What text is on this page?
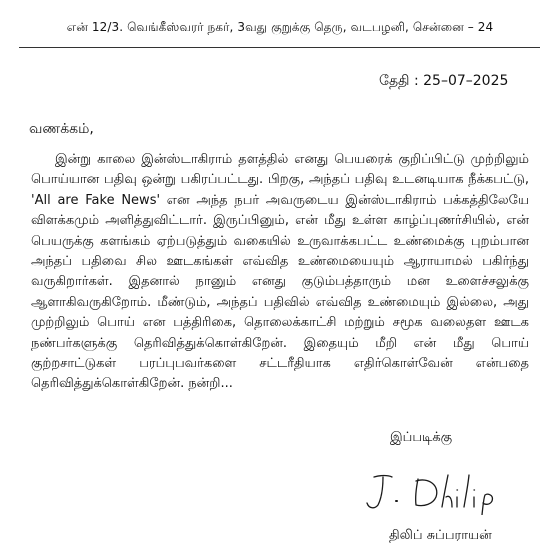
என் 12/3. வெங்கீஸ்வரர் நகர், 3வது குறுக்கு தெரு, வடபழனி, சென்னை – 24
தேதி : 25–07–2025
வணக்கம்,
இன்று காலை இன்ஸ்டாகிராம் தளத்தில் எனது பெயரைக் குறிப்பிட்டு முற்றிலும் பொய்யான பதிவு ஒன்று பகிரப்பட்டது. பிறகு, அந்தப் பதிவு உடனடியாக நீக்கபட்டு, 'All are Fake News' என அந்த நபர் அவருடைய இன்ஸ்டாகிராம் பக்கத்திலேயே விளக்கமும் அளித்துவிட்டார். இருப்பினும், என் மீது உள்ள காழ்ப்புணர்சியில், என் பெயருக்கு களங்கம் ஏற்படுத்தும் வகையில் உருவாக்கபட்ட உண்மைக்கு புறம்பான அந்தப் பதிவை சில ஊடகங்கள் எவ்வித உண்மையையும் ஆராயாமல் பகிர்ந்து வருகிறார்கள். இதனால் நானும் எனது குடும்பத்தாரும் மன உளைச்சலுக்கு ஆளாகிவருகிறோம். மீண்டும், அந்தப் பதிவில் எவ்வித உண்மையும் இல்லை, அது முற்றிலும் பொய் என பத்திரிகை, தொலைக்காட்சி மற்றும் சமூக வலைதள ஊடக நண்பர்களுக்கு தெரிவித்துக்கொள்கிறேன். இதையும் மீறி என் மீது பொய் குற்றசாட்டுகள் பரப்புபவர்களை சட்டரீதியாக எதிர்கொள்வேன் என்பதை தெரிவித்துக்கொள்கிறேன். நன்றி...
இப்படிக்கு
திலிப் சுப்பராயன்
